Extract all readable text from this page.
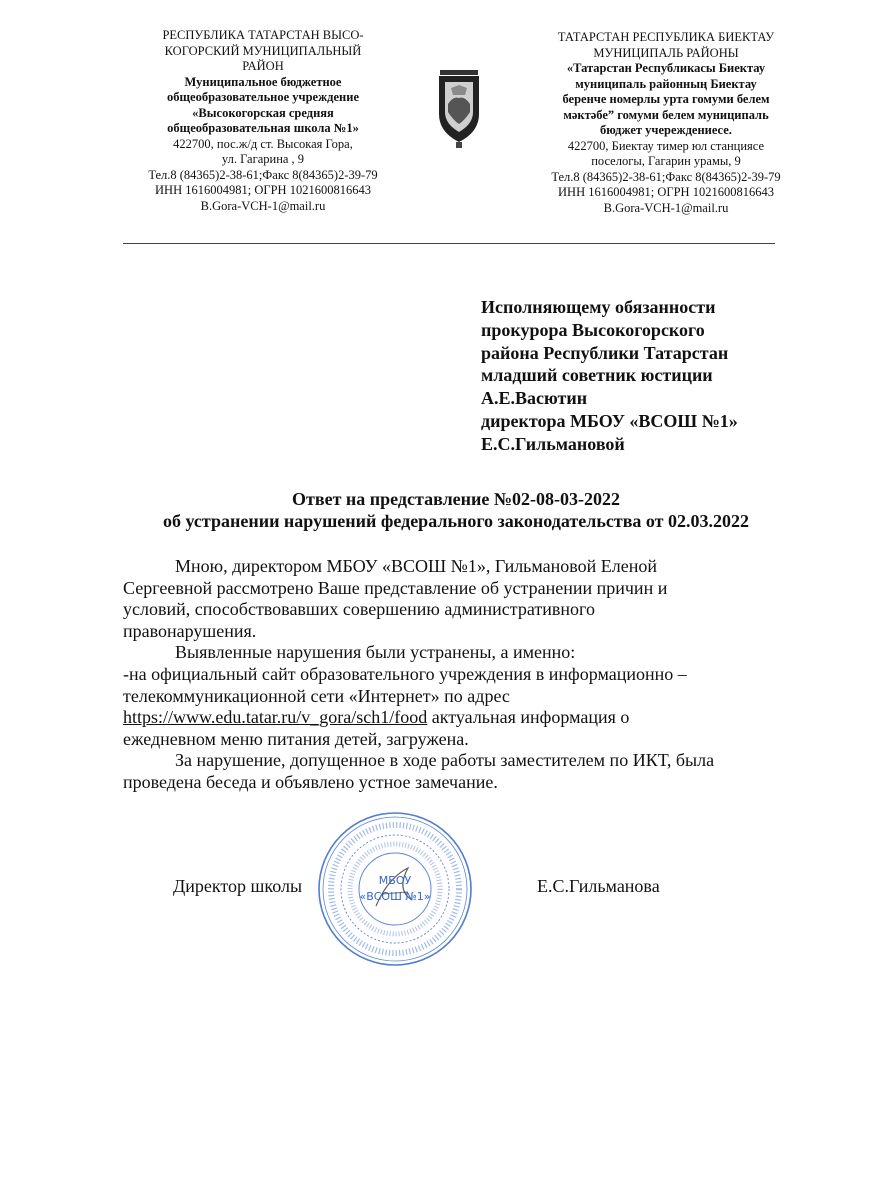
РЕСПУБЛИКА ТАТАРСТАН ВЫСО-
КОГОРСКИЙ МУНИЦИПАЛЬНЫЙ
РАЙОН
Муниципальное бюджетное
общеобразовательное учреждение
«Высокогорская средняя
общеобразовательная школа №1»
422700, пос.ж/д ст. Высокая Гора,
ул. Гагарина , 9
Тел.8 (84365)2-38-61;Факс 8(84365)2-39-79
ИНН 1616004981; ОГРН 1021600816643
B.Gora-VCH-1@mail.ru
ТАТАРСТАН РЕСПУБЛИКА БИЕКТАУ
МУНИЦИПАЛЬ РАЙОНЫ
«Татарстан Республикасы Биектау
муниципаль районның Биектау
беренче номерлы урта гомуми белем
мәктәбе” гомуми белем муниципаль
бюджет учереждениесе.
422700, Биектау тимер юл станциясе
поселогы, Гагарин урамы, 9
Тел.8 (84365)2-38-61;Факс 8(84365)2-39-79
ИНН 1616004981; ОГРН 1021600816643
B.Gora-VCH-1@mail.ru
Исполняющему обязанности
прокурора Высокогорского
района Республики Татарстан
младший советник юстиции
А.Е.Васютин
директора МБОУ «ВСОШ №1»
Е.С.Гильмановой
Ответ на представление №02-08-03-2022
об устранении нарушений федерального законодательства от 02.03.2022
Мною, директором МБОУ «ВСОШ №1», Гильмановой Еленой
Сергеевной рассмотрено Ваше представление об устранении причин и
условий, способствовавших совершению административного
правонарушения.
Выявленные нарушения были устранены, а именно:
-на официальный сайт образовательного учреждения в информационно –
телекоммуникационной сети «Интернет» по адрес
https://www.edu.tatar.ru/v_gora/sch1/food актуальная информация о
ежедневном меню питания детей, загружена.
За нарушение, допущенное в ходе работы заместителем по ИКТ, была
проведена беседа и объявлено устное замечание.
Директор школы	Е.С.Гильманова
МБОУ
«ВСОШ №1»
